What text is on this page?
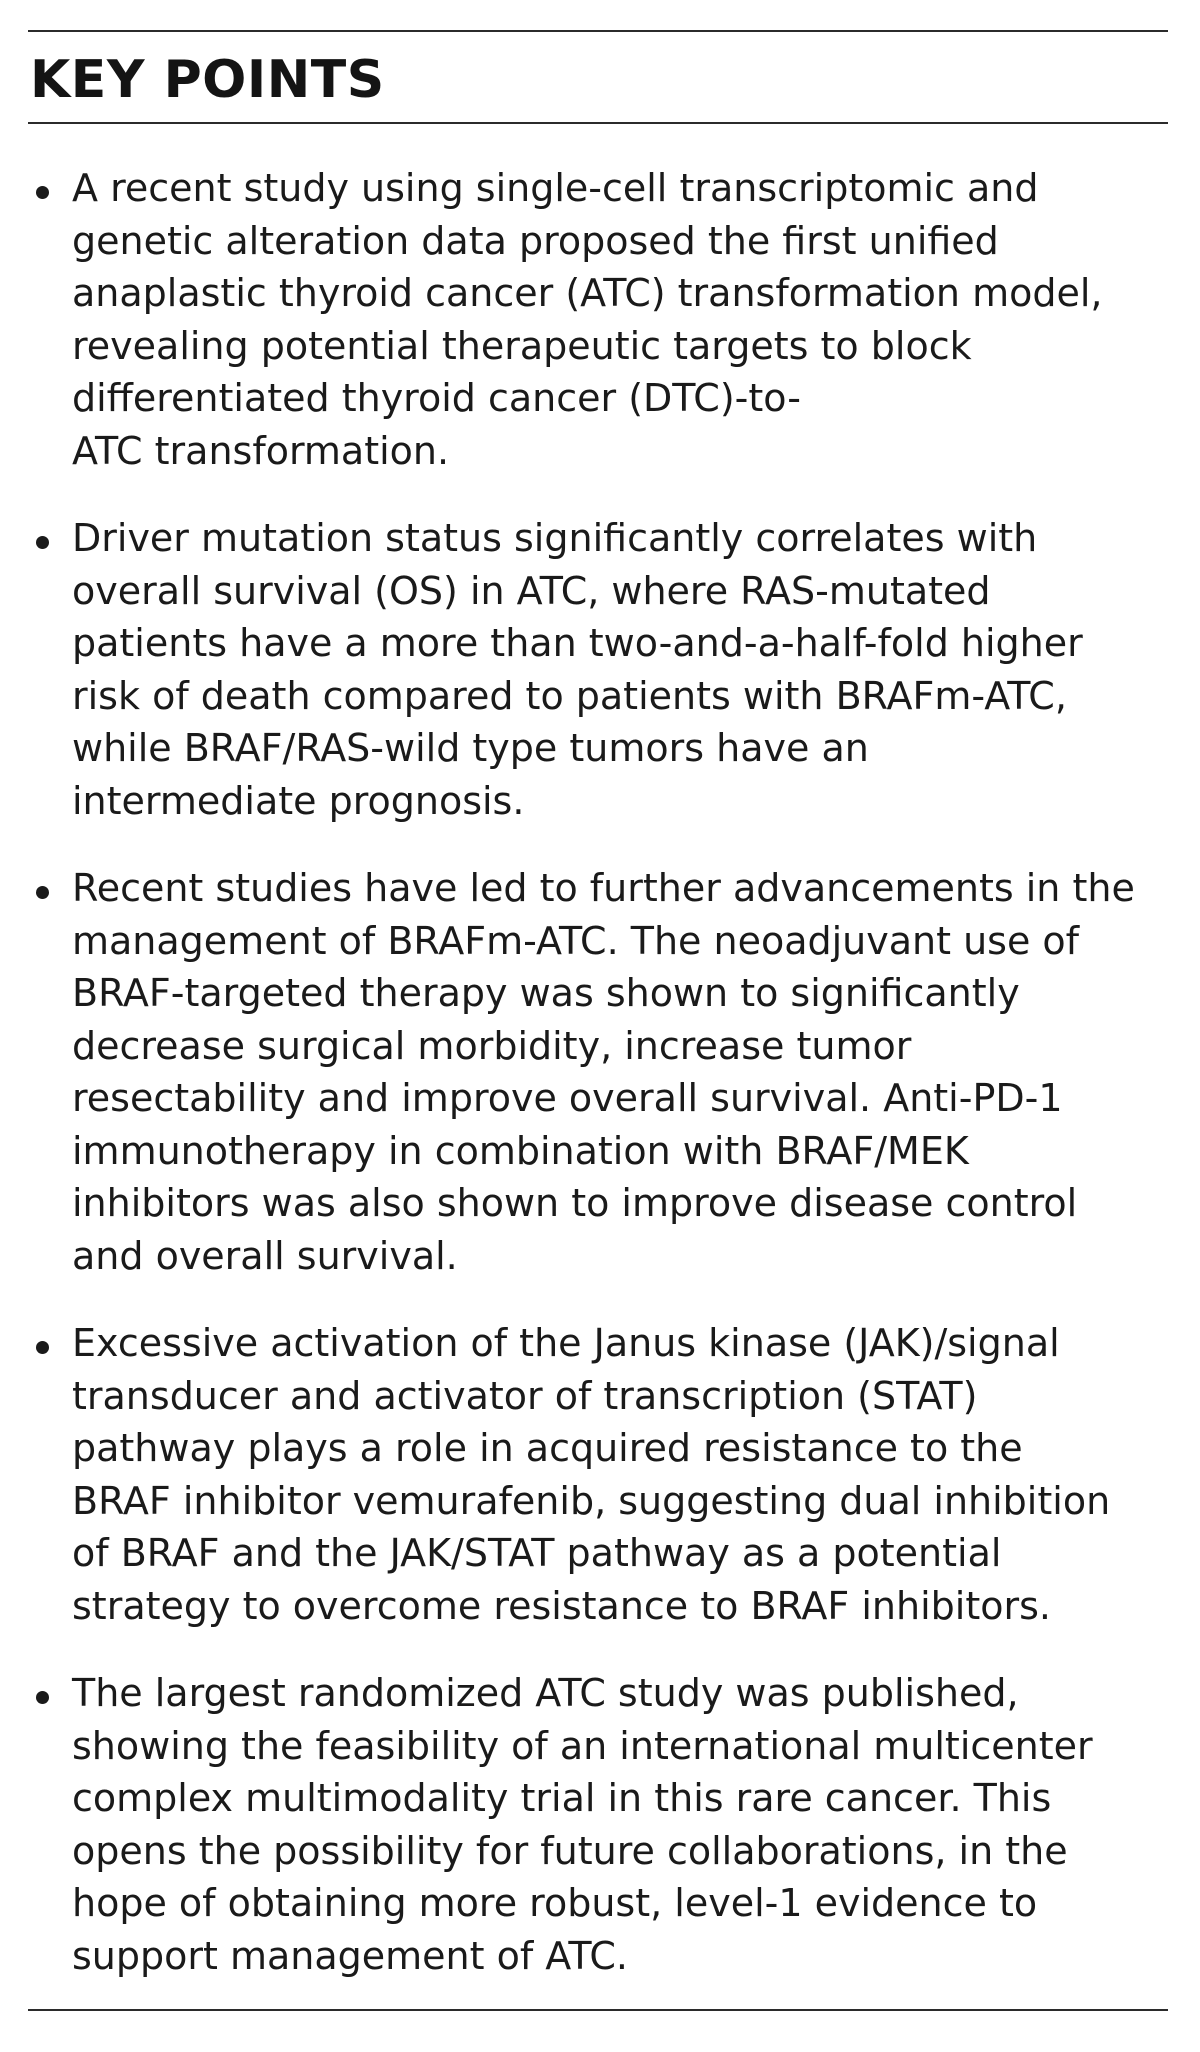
KEY POINTS
A recent study using single-cell transcriptomic and
genetic alteration data proposed the first unified
anaplastic thyroid cancer (ATC) transformation model,
revealing potential therapeutic targets to block
differentiated thyroid cancer (DTC)-to-
ATC transformation.
Driver mutation status significantly correlates with
overall survival (OS) in ATC, where RAS-mutated
patients have a more than two-and-a-half-fold higher
risk of death compared to patients with BRAFm-ATC,
while BRAF/RAS-wild type tumors have an
intermediate prognosis.
Recent studies have led to further advancements in the
management of BRAFm-ATC. The neoadjuvant use of
BRAF-targeted therapy was shown to significantly
decrease surgical morbidity, increase tumor
resectability and improve overall survival. Anti-PD-1
immunotherapy in combination with BRAF/MEK
inhibitors was also shown to improve disease control
and overall survival.
Excessive activation of the Janus kinase (JAK)/signal
transducer and activator of transcription (STAT)
pathway plays a role in acquired resistance to the
BRAF inhibitor vemurafenib, suggesting dual inhibition
of BRAF and the JAK/STAT pathway as a potential
strategy to overcome resistance to BRAF inhibitors.
The largest randomized ATC study was published,
showing the feasibility of an international multicenter
complex multimodality trial in this rare cancer. This
opens the possibility for future collaborations, in the
hope of obtaining more robust, level-1 evidence to
support management of ATC.
